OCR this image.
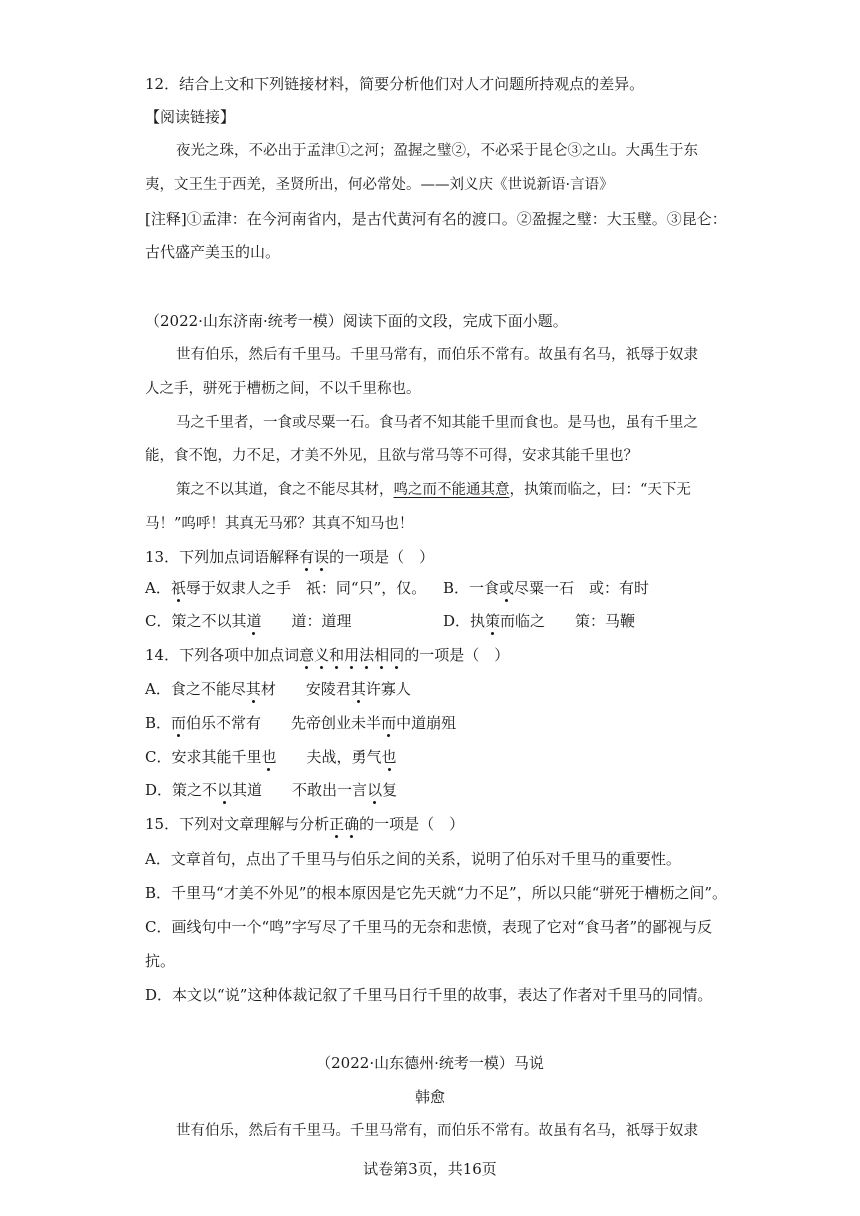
12．结合上文和下列链接材料，简要分析他们对人才问题所持观点的差异。
【阅读链接】
夜光之珠，不必出于孟津①之河；盈握之璧②，不必采于昆仑③之山。大禹生于东
夷，文王生于西羌，圣贤所出，何必常处。——刘义庆《世说新语·言语》
[注释]①孟津：在今河南省内，是古代黄河有名的渡口。②盈握之璧：大玉璧。③昆仑：
古代盛产美玉的山。
（2022·山东济南·统考一模）阅读下面的文段，完成下面小题。
世有伯乐，然后有千里马。千里马常有，而伯乐不常有。故虽有名马，祇辱于奴隶
人之手，骈死于槽枥之间，不以千里称也。
马之千里者，一食或尽粟一石。食马者不知其能千里而食也。是马也，虽有千里之
能，食不饱，力不足，才美不外见，且欲与常马等不可得，安求其能千里也？
策之不以其道，食之不能尽其材，鸣之而不能通其意，执策而临之，曰：“天下无
马！”呜呼！其真无马邪？其真不知马也！
13．下列加点词语解释有误的一项是（　）
A．祇辱于奴隶人之手　祇：同“只”，仅。 B．一食或尽粟一石　或：有时
C．策之不以其道　　道：道理	D．执策而临之　　策：马鞭
14．下列各项中加点词意义和用法相同的一项是（　）
A．食之不能尽其材　　安陵君其许寡人
B．而伯乐不常有　　先帝创业未半而中道崩殂
C．安求其能千里也　　夫战，勇气也
D．策之不以其道　　不敢出一言以复
15．下列对文章理解与分析正确的一项是（　）
A．文章首句，点出了千里马与伯乐之间的关系，说明了伯乐对千里马的重要性。
B．千里马“才美不外见”的根本原因是它先天就“力不足”，所以只能“骈死于槽枥之间”。
C．画线句中一个“鸣”字写尽了千里马的无奈和悲愤，表现了它对“食马者”的鄙视与反
抗。
D．本文以“说”这种体裁记叙了千里马日行千里的故事，表达了作者对千里马的同情。
（2022·山东德州·统考一模）马说
韩愈
世有伯乐，然后有千里马。千里马常有，而伯乐不常有。故虽有名马，祇辱于奴隶
试卷第3页，共16页
